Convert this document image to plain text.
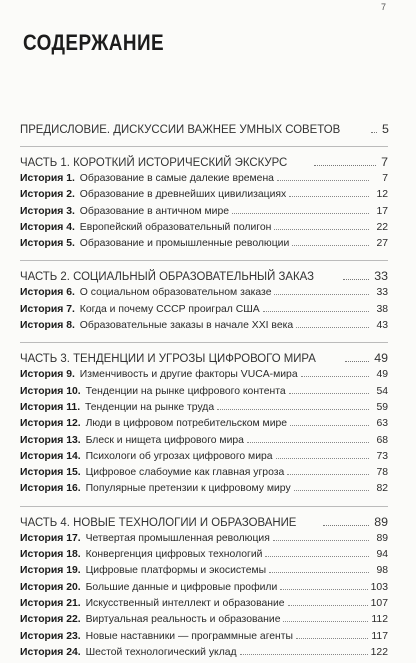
7
СОДЕРЖАНИЕ
ПРЕДИСЛОВИЕ. ДИСКУССИИ ВАЖНЕЕ УМНЫХ СОВЕТОВ	5
ЧАСТЬ 1. КОРОТКИЙ ИСТОРИЧЕСКИЙ ЭКСКУРС	7
История 1. Образование в самые далекие времена	7
История 2. Образование в древнейших цивилизациях	12
История 3. Образование в античном мире	17
История 4. Европейский образовательный полигон	22
История 5. Образование и промышленные революции	27
ЧАСТЬ 2. СОЦИАЛЬНЫЙ ОБРАЗОВАТЕЛЬНЫЙ ЗАКАЗ	33
История 6. О социальном образовательном заказе	33
История 7. Когда и почему СССР проиграл США	38
История 8. Образовательные заказы в начале XXI века	43
ЧАСТЬ 3. ТЕНДЕНЦИИ И УГРОЗЫ ЦИФРОВОГО МИРА	49
История 9. Изменчивость и другие факторы VUCA-мира	49
История 10. Тенденции на рынке цифрового контента	54
История 11. Тенденции на рынке труда	59
История 12. Люди в цифровом потребительском мире	63
История 13. Блеск и нищета цифрового мира	68
История 14. Психологи об угрозах цифрового мира	73
История 15. Цифровое слабоумие как главная угроза	78
История 16. Популярные претензии к цифровому миру	82
ЧАСТЬ 4. НОВЫЕ ТЕХНОЛОГИИ И ОБРАЗОВАНИЕ	89
История 17. Четвертая промышленная революция	89
История 18. Конвергенция цифровых технологий	94
История 19. Цифровые платформы и экосистемы	98
История 20. Большие данные и цифровые профили	103
История 21. Искусственный интеллект и образование	107
История 22. Виртуальная реальность и образование	112
История 23. Новые наставники — программные агенты	117
История 24. Шестой технологический уклад	122
